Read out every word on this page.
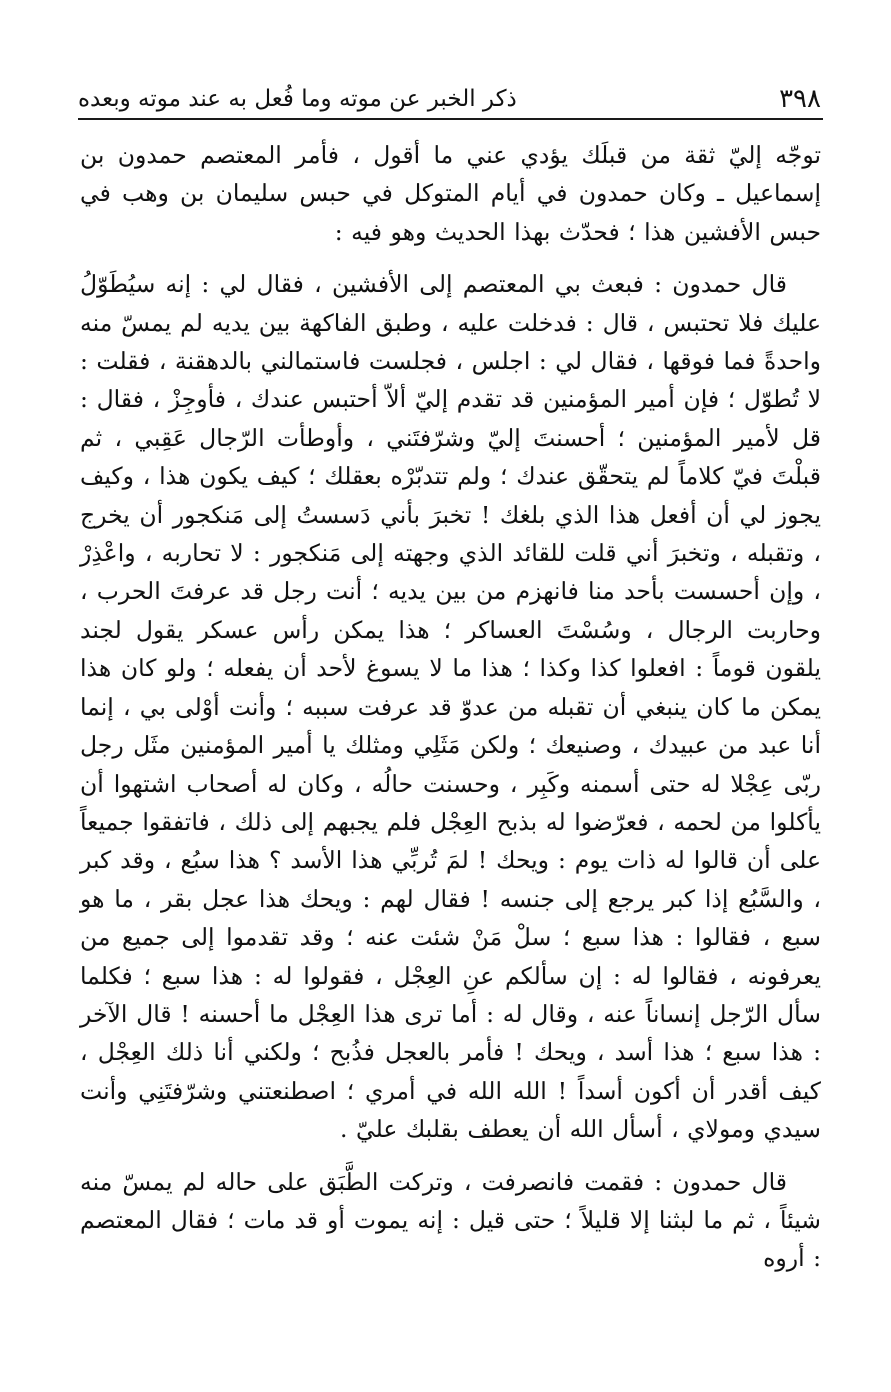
٣٩٨
ذكر الخبر عن موته وما فُعل به عند موته وبعده

توجّه إليّ ثقة من قبلَك يؤدي عني ما أقول ، فأمر المعتصم حمدون بن إسماعيل ـ وكان حمدون في أيام المتوكل في حبس سليمان بن وهب في حبس الأفشين هذا ؛ فحدّث بهذا الحديث وهو فيه :

قال حمدون : فبعث بي المعتصم إلى الأفشين ، فقال لي : إنه سيُطَوّلُ عليك فلا تحتبس ، قال : فدخلت عليه ، وطبق الفاكهة بين يديه لم يمسّ منه واحدةً فما فوقها ، فقال لي : اجلس ، فجلست فاستمالني بالدهقنة ، فقلت : لا تُطوّل ؛ فإن أمير المؤمنين قد تقدم إليّ ألاّ أحتبس عندك ، فأوجِزْ ، فقال : قل لأمير المؤمنين ؛ أحسنتَ إليّ وشرّفتَني ، وأوطأت الرّجال عَقِبي ، ثم قبلْتَ فيّ كلاماً لم يتحقّق عندك ؛ ولم تتدبّرْه بعقلك ؛ كيف يكون هذا ، وكيف يجوز لي أن أفعل هذا الذي بلغك ! تخبرَ بأني دَسستُ إلى مَنكجور أن يخرج ، وتقبله ، وتخبرَ أني قلت للقائد الذي وجهته إلى مَنكجور : لا تحاربه ، واعْذِرْ ، وإن أحسست بأحد منا فانهزم من بين يديه ؛ أنت رجل قد عرفتَ الحرب ، وحاربت الرجال ، وسُسْتَ العساكر ؛ هذا يمكن رأس عسكر يقول لجند يلقون قوماً : افعلوا كذا وكذا ؛ هذا ما لا يسوغ لأحد أن يفعله ؛ ولو كان هذا يمكن ما كان ينبغي أن تقبله من عدوّ قد عرفت سببه ؛ وأنت أوْلى بي ، إنما أنا عبد من عبيدك ، وصنيعك ؛ ولكن مَثَلِي ومثلك يا أمير المؤمنين مثَل رجل ربّى عِجْلا له حتى أسمنه وكَبِر ، وحسنت حالُه ، وكان له أصحاب اشتهوا أن يأكلوا من لحمه ، فعرّضوا له بذبح العِجْل فلم يجبهم إلى ذلك ، فاتفقوا جميعاً على أن قالوا له ذات يوم : ويحك ! لمَ تُربِّي هذا الأسد ؟ هذا سبُع ، وقد كبر ، والسَّبُع إذا كبر يرجع إلى جنسه ! فقال لهم : ويحك هذا عجل بقر ، ما هو سبع ، فقالوا : هذا سبع ؛ سلْ مَنْ شئت عنه ؛ وقد تقدموا إلى جميع من يعرفونه ، فقالوا له : إن سألكم عنِ العِجْل ، فقولوا له : هذا سبع ؛ فكلما سأل الرّجل إنساناً عنه ، وقال له : أما ترى هذا العِجْل ما أحسنه ! قال الآخر : هذا سبع ؛ هذا أسد ، ويحك ! فأمر بالعجل فذُبح ؛ ولكني أنا ذلك العِجْل ، كيف أقدر أن أكون أسداً ! الله الله في أمري ؛ اصطنعتني وشرّفتَنِي وأنت سيدي ومولاي ، أسأل الله أن يعطف بقلبك عليّ .

قال حمدون : فقمت فانصرفت ، وتركت الطَّبَق على حاله لم يمسّ منه شيئاً ، ثم ما لبثنا إلا قليلاً ؛ حتى قيل : إنه يموت أو قد مات ؛ فقال المعتصم : أروه
